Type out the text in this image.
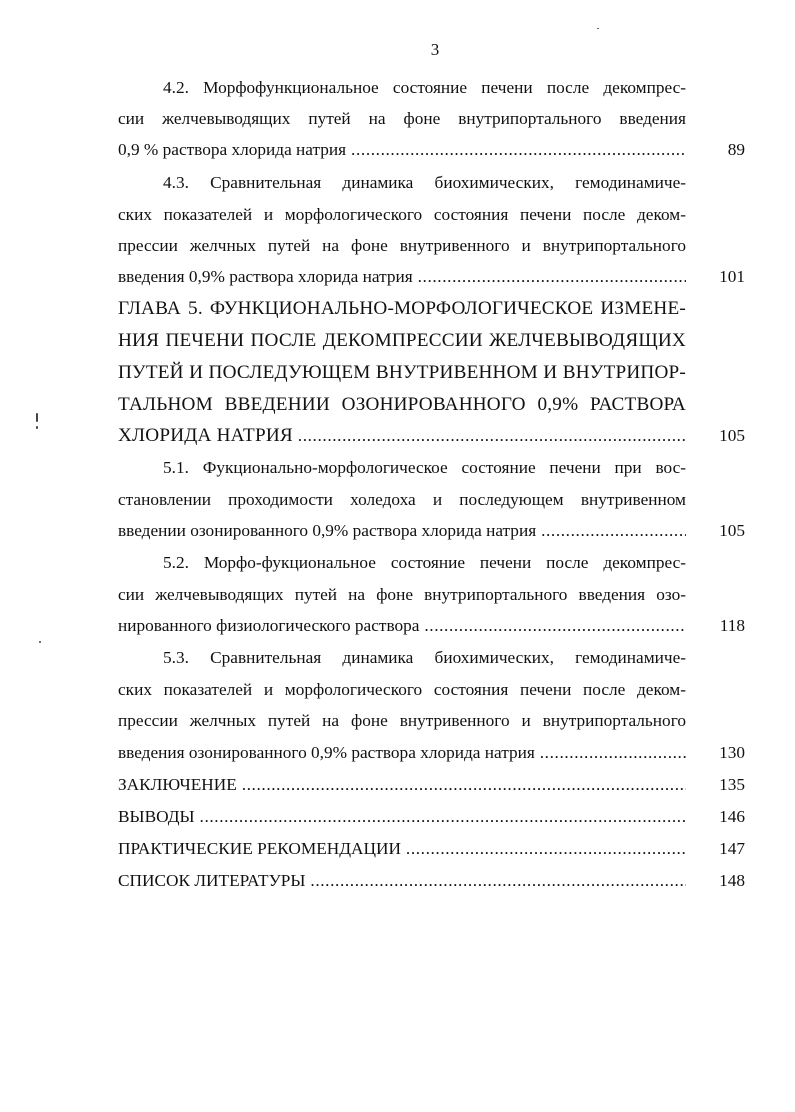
3
4.2. Морфофункциональное состояние печени после декомпрес-
сии желчевыводящих путей на фоне внутрипортального введения
0,9 % раствора хлорида натрия .....	89
4.3. Сравнительная динамика биохимических, гемодинамиче-
ских показателей и морфологического состояния печени после деком-
прессии желчных путей на фоне внутривенного и внутрипортального
введения 0,9% раствора хлорида натрия .....	101
ГЛАВА 5. ФУНКЦИОНАЛЬНО-МОРФОЛОГИЧЕСКОЕ ИЗМЕНЕ-
НИЯ ПЕЧЕНИ ПОСЛЕ ДЕКОМПРЕССИИ ЖЕЛЧЕВЫВОДЯЩИХ
ПУТЕЙ И ПОСЛЕДУЮЩЕМ ВНУТРИВЕННОМ И ВНУТРИПОР-
ТАЛЬНОМ ВВЕДЕНИИ ОЗОНИРОВАННОГО 0,9% РАСТВОРА
ХЛОРИДА НАТРИЯ .....	105
5.1. Фукционально-морфологическое состояние печени при вос-
становлении проходимости холедоха и последующем внутривенном
введении озонированного 0,9% раствора хлорида натрия .....	105
5.2. Морфо-фукциональное состояние печени после декомпрес-
сии желчевыводящих путей на фоне внутрипортального введения озо-
нированного физиологического раствора .....	118
5.3. Сравнительная динамика биохимических, гемодинамиче-
ских показателей и морфологического состояния печени после деком-
прессии желчных путей на фоне внутривенного и внутрипортального
введения озонированного 0,9% раствора хлорида натрия .....	130
ЗАКЛЮЧЕНИЕ .....	135
ВЫВОДЫ .....	146
ПРАКТИЧЕСКИЕ РЕКОМЕНДАЦИИ .....	147
СПИСОК ЛИТЕРАТУРЫ .....	148
